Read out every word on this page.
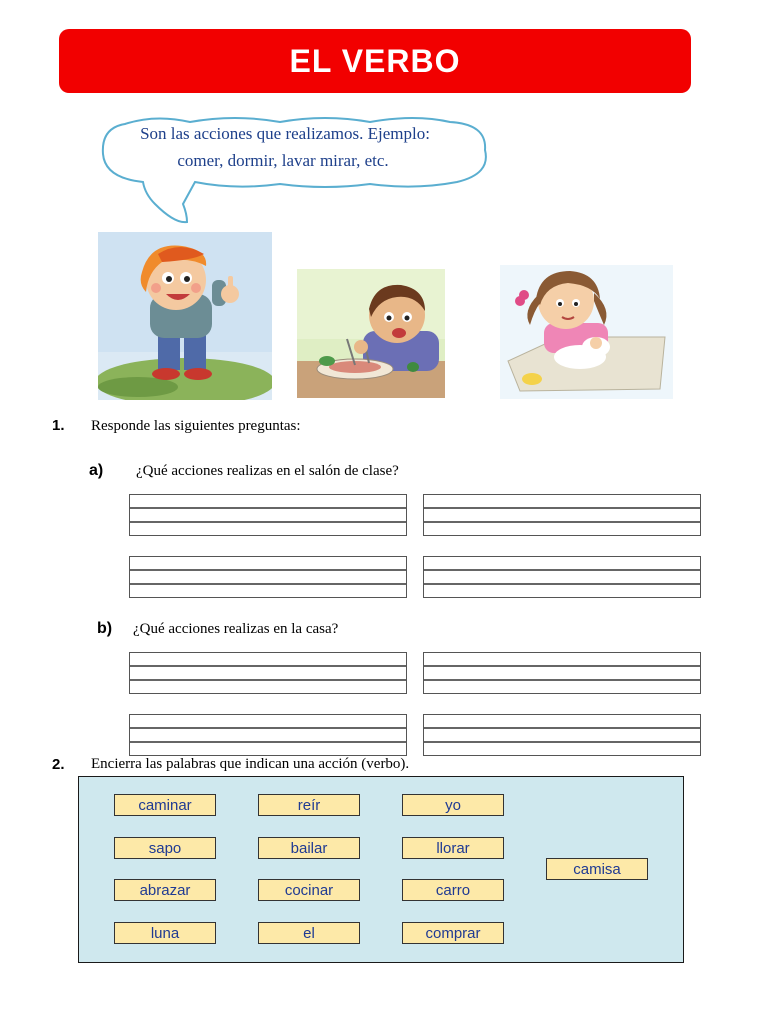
EL VERBO
Son las acciones que realizamos. Ejemplo:
comer, dormir, lavar mirar, etc.
1. Responde las siguientes preguntas:
a) ¿Qué acciones realizas en el salón de clase?
b) ¿Qué acciones realizas en la casa?
2. Encierra las palabras que indican una acción (verbo).
caminar	reír	yo
sapo	bailar	llorar
camisa
abrazar	cocinar	carro
luna	el	comprar
